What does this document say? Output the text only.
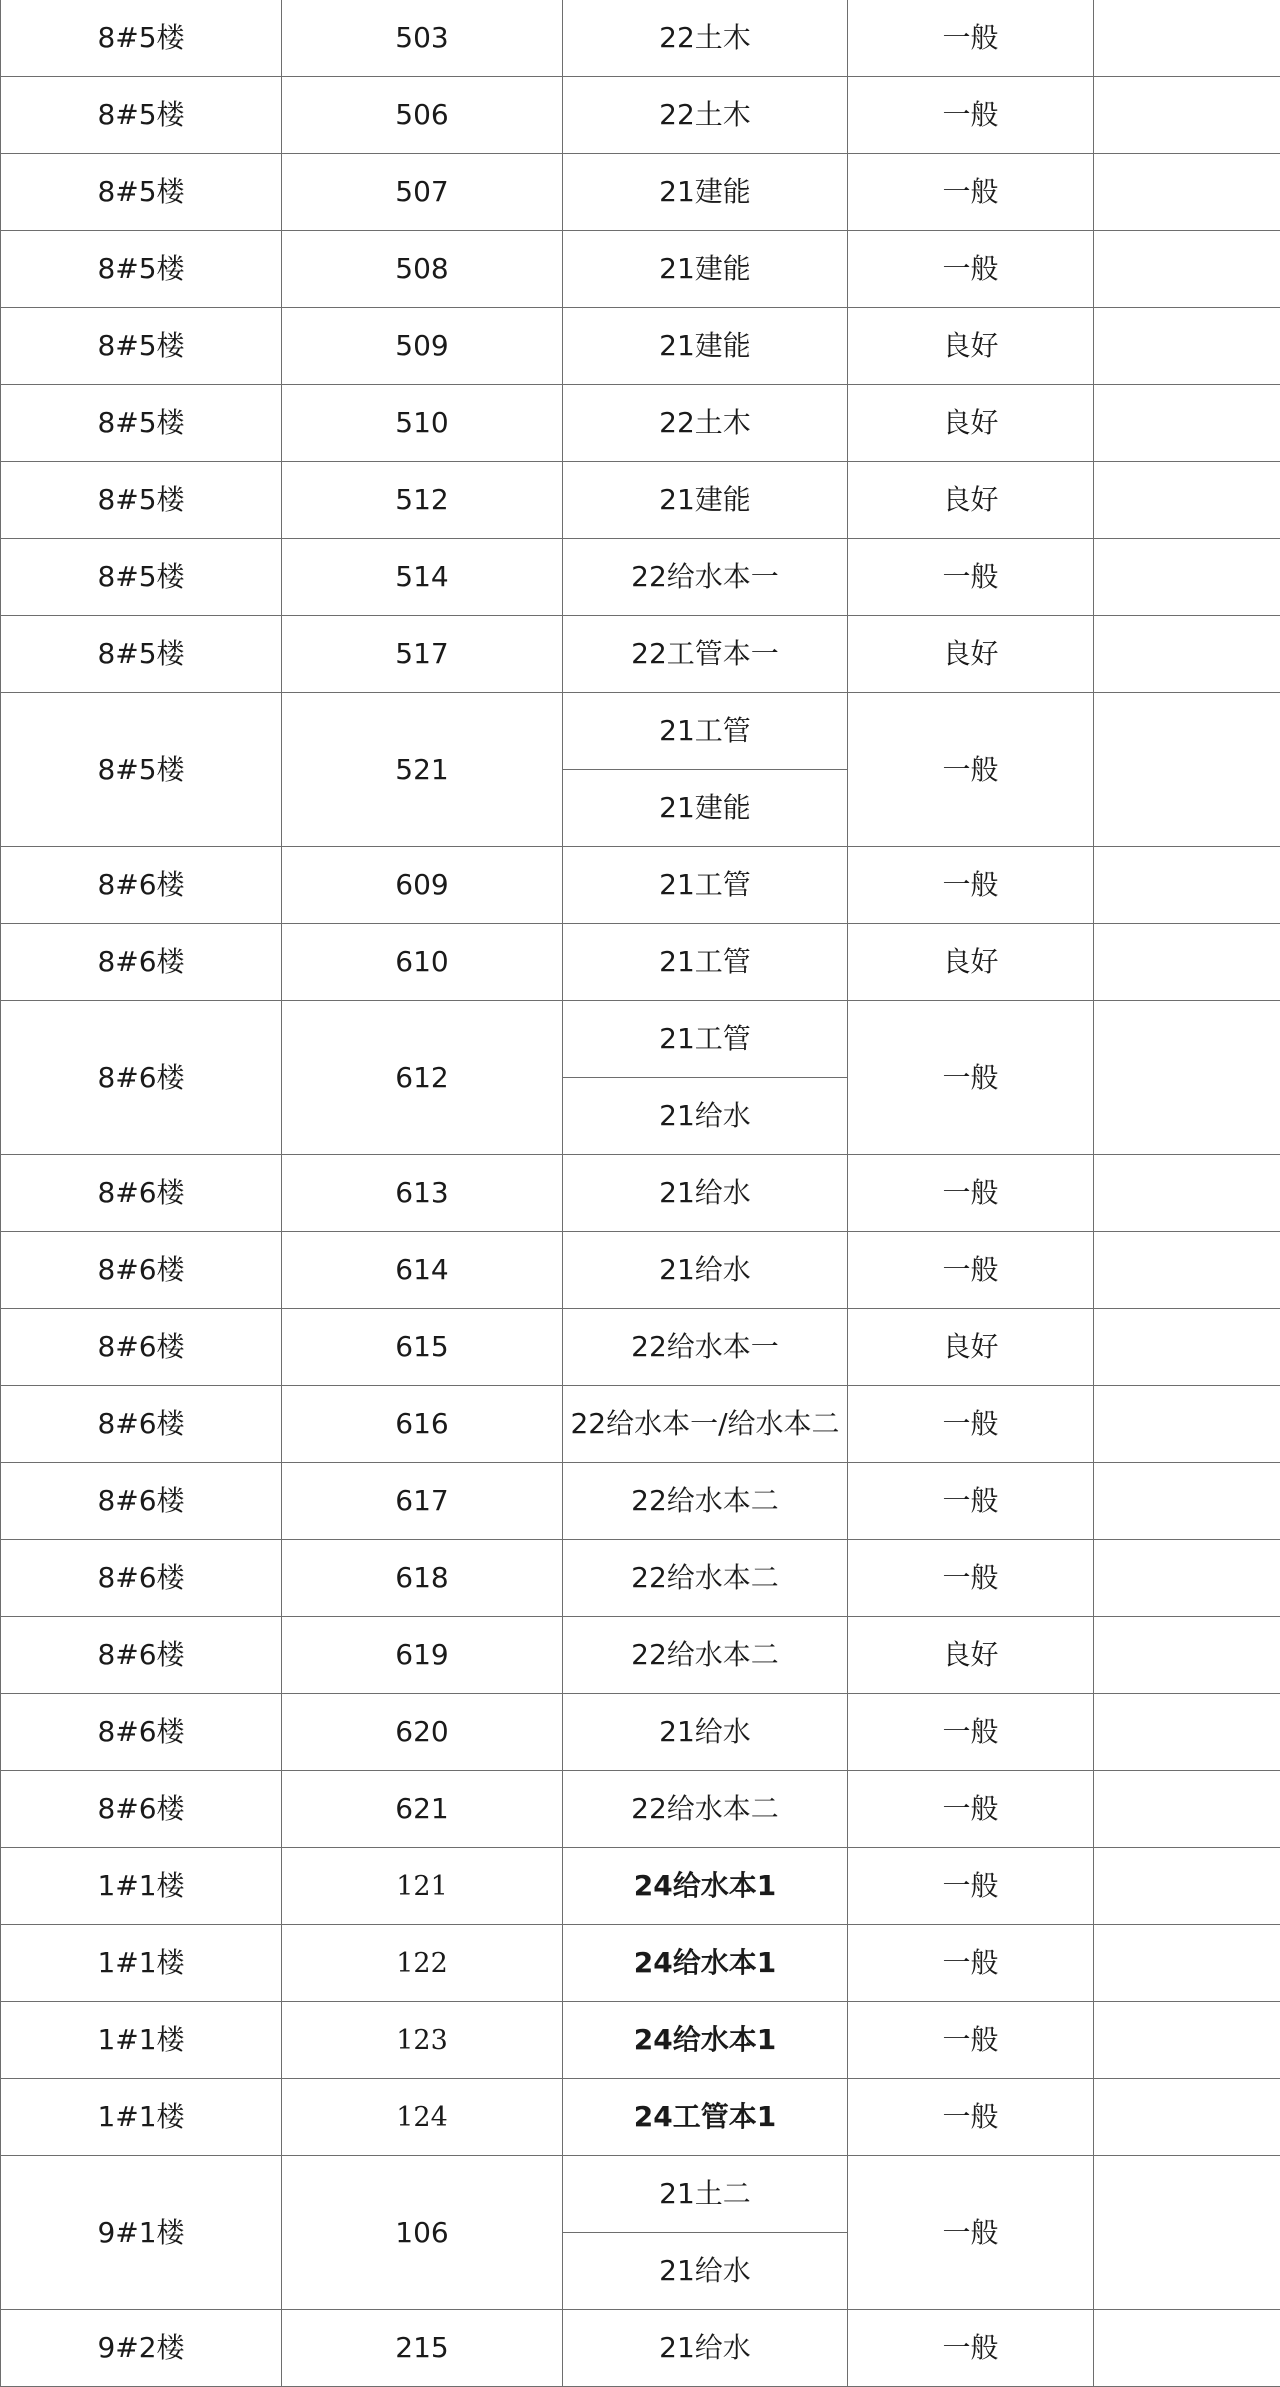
8#5楼	503	22土木	一般	
8#5楼	506	22土木	一般	
8#5楼	507	21建能	一般	
8#5楼	508	21建能	一般	
8#5楼	509	21建能	良好	
8#5楼	510	22土木	良好	
8#5楼	512	21建能	良好	
8#5楼	514	22给水本一	一般	
8#5楼	517	22工管本一	良好	
8#5楼	521	21工管	一般	
		21建能		
8#6楼	609	21工管	一般	
8#6楼	610	21工管	良好	
8#6楼	612	21工管	一般	
		21给水		
8#6楼	613	21给水	一般	
8#6楼	614	21给水	一般	
8#6楼	615	22给水本一	良好	
8#6楼	616	22给水本一/给水本二	一般	
8#6楼	617	22给水本二	一般	
8#6楼	618	22给水本二	一般	
8#6楼	619	22给水本二	良好	
8#6楼	620	21给水	一般	
8#6楼	621	22给水本二	一般	
1#1楼	121	24给水本1	一般	
1#1楼	122	24给水本1	一般	
1#1楼	123	24给水本1	一般	
1#1楼	124	24工管本1	一般	
9#1楼	106	21土二	一般	
		21给水		
9#2楼	215	21给水	一般	
